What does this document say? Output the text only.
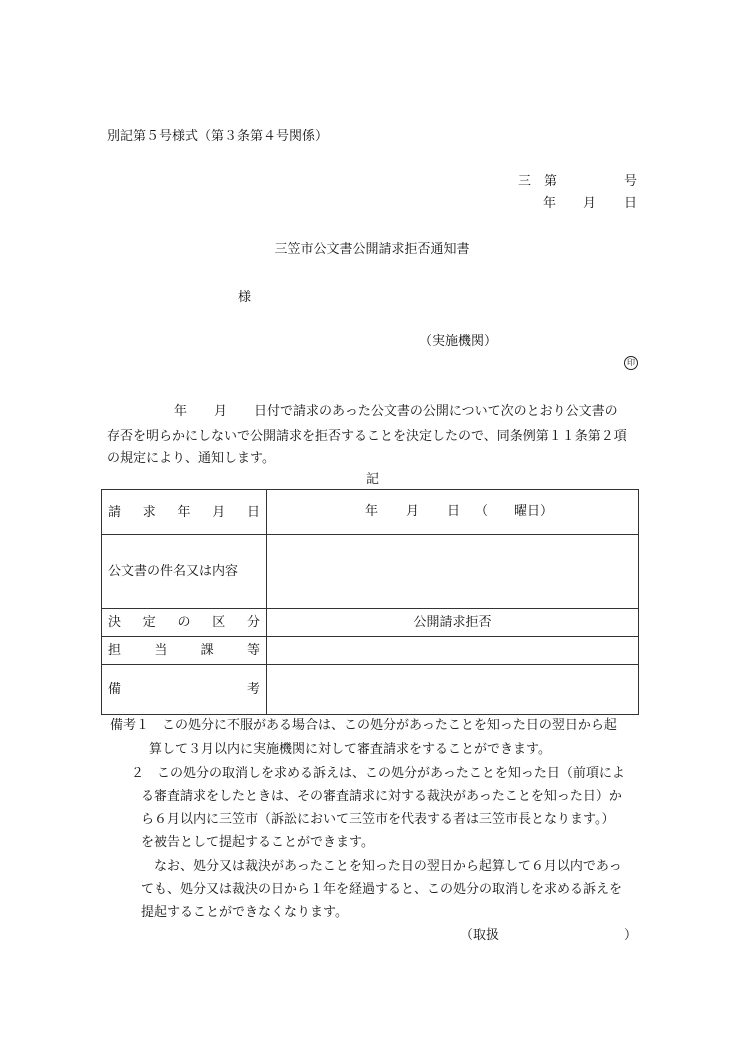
別記第５号様式（第３条第４号関係）
三 第	号
年 月 日
三笠市公文書公開請求拒否通知書
様
（実施機関）
印
年 月 日付で請求のあった公文書の公開について次のとおり公文書の
存否を明らかにしないで公開請求を拒否することを決定したので、同条例第１１条第２項
の規定により、通知します。
記
請 求 年 月 日	年 月 日 （ 曜日）

公文書の件名又は内容	

決 定 の 区 分	公開請求拒否

担 当 課 等	

備 考	

備考１　この処分に不服がある場合は、この処分があったことを知った日の翌日から起
算して３月以内に実施機関に対して審査請求をすることができます。
２　この処分の取消しを求める訴えは、この処分があったことを知った日（前項によ
る審査請求をしたときは、その審査請求に対する裁決があったことを知った日）か
ら６月以内に三笠市（訴訟において三笠市を代表する者は三笠市長となります。）
を被告として提起することができます。
なお、処分又は裁決があったことを知った日の翌日から起算して６月以内であっ
ても、処分又は裁決の日から１年を経過すると、この処分の取消しを求める訴えを
提起することができなくなります。
（取扱	）
